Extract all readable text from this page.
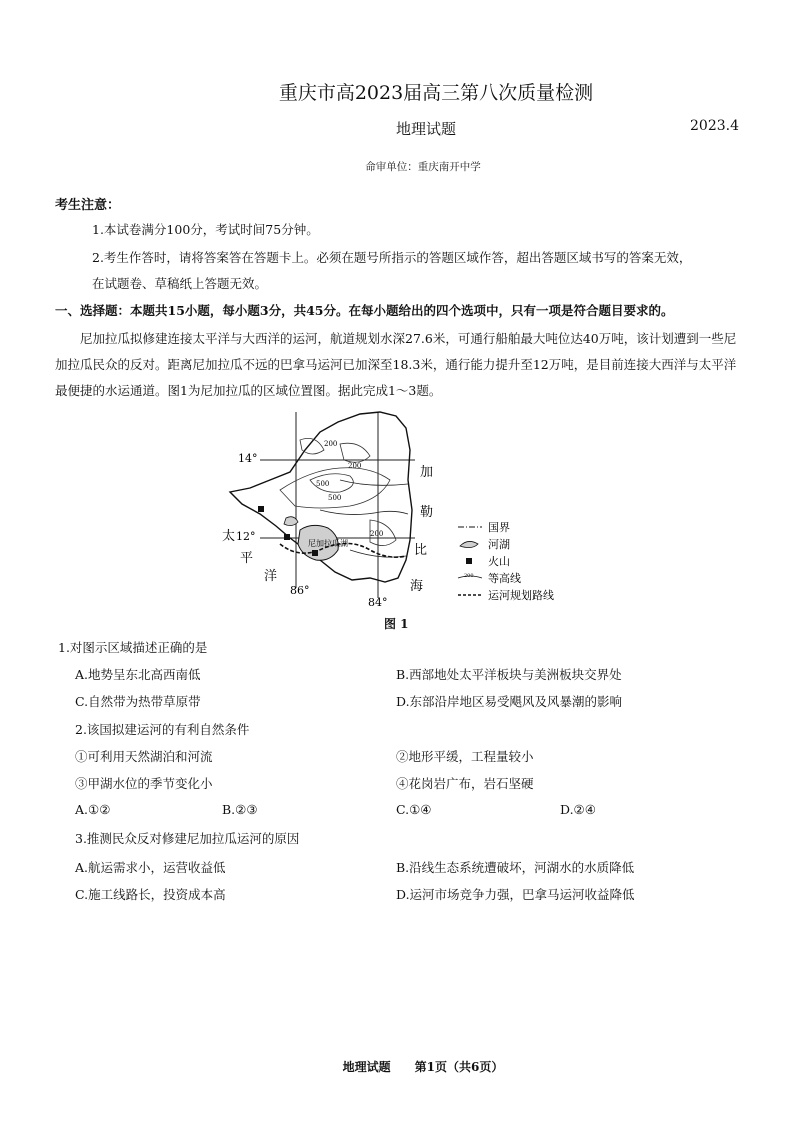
重庆市高2023届高三第八次质量检测
地理试题	2023.4
命审单位：重庆南开中学
考生注意：
1.本试卷满分100分，考试时间75分钟。
2.考生作答时，请将答案答在答题卡上。必须在题号所指示的答题区域作答，超出答题区域书写的答案无效，
在试题卷、草稿纸上答题无效。
一、选择题：本题共15小题，每小题3分，共45分。在每小题给出的四个选项中，只有一项是符合题目要求的。
尼加拉瓜拟修建连接太平洋与大西洋的运河，航道规划水深27.6米，可通行船舶最大吨位达40万吨，该计划遭到一些尼加拉瓜民众的反对。距离尼加拉瓜不远的巴拿马运河已加深至18.3米，通行能力提升至12万吨，是目前连接大西洋与太平洋最便捷的水运通道。图1为尼加拉瓜的区域位置图。据此完成1～3题。
200
500
200
500
200
尼加拉瓜湖
14°
12°
86°
84°
太
平
洋
加
勒
比
海
国界
河湖
火山
200 等高线
运河规划路线
图 1
1.对图示区域描述正确的是
A.地势呈东北高西南低	B.西部地处太平洋板块与美洲板块交界处
C.自然带为热带草原带	D.东部沿岸地区易受飓风及风暴潮的影响
2.该国拟建运河的有利自然条件
①可利用天然湖泊和河流	②地形平缓，工程量较小
③甲湖水位的季节变化小	④花岗岩广布，岩石坚硬
A.①②	B.②③	C.①④	D.②④
3.推测民众反对修建尼加拉瓜运河的原因
A.航运需求小，运营收益低	B.沿线生态系统遭破坏，河湖水的水质降低
C.施工线路长，投资成本高	D.运河市场竞争力强，巴拿马运河收益降低
地理试题　　第1页（共6页）
